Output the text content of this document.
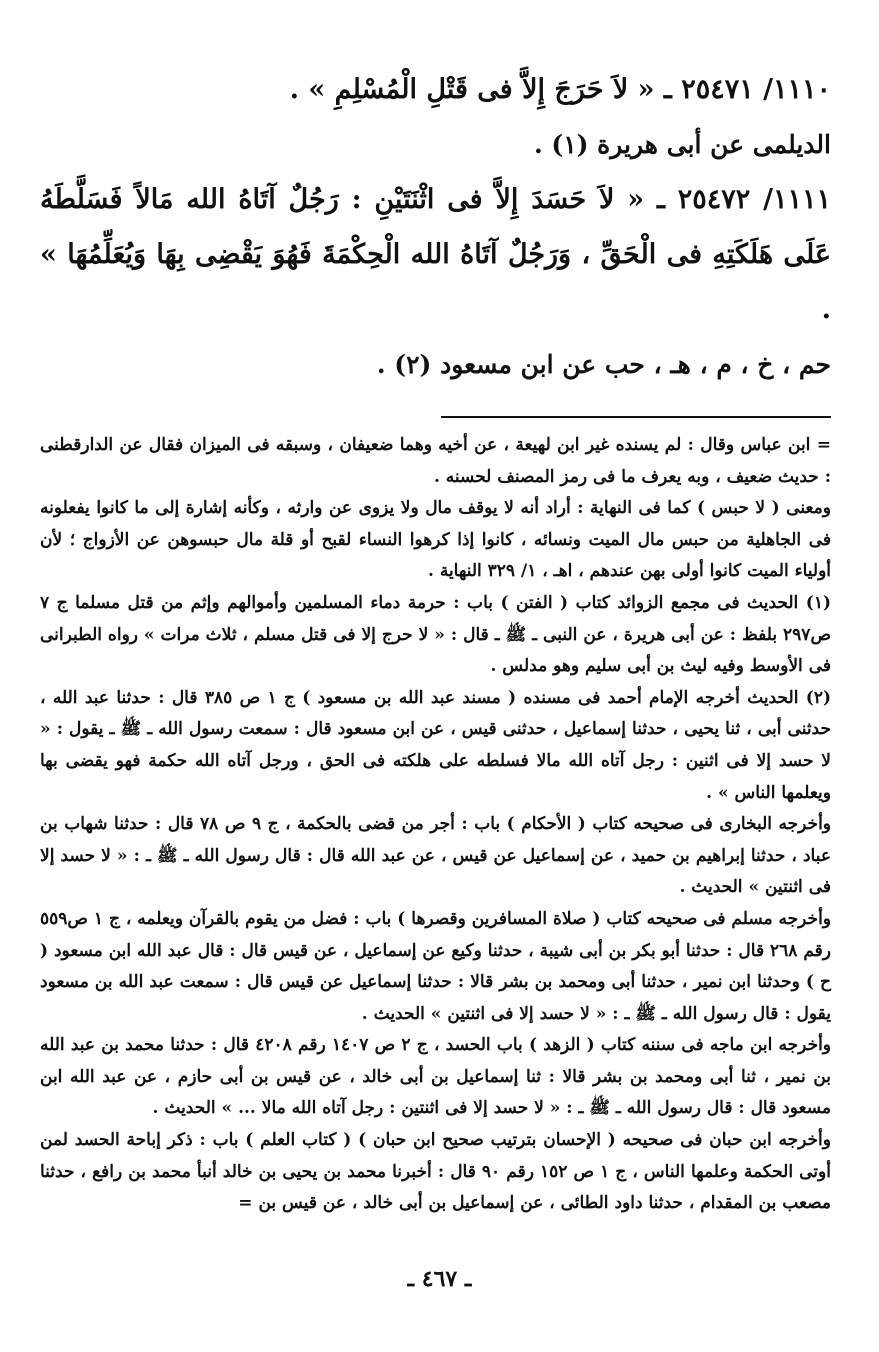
١١١٠/ ٢٥٤٧١ ـ « لاَ حَرَجَ إِلاَّ فى قَتْلِ الْمُسْلِمِ » .

الديلمى عن أبى هريرة (١) .

١١١١/ ٢٥٤٧٢ ـ « لاَ حَسَدَ إِلاَّ فى اثْنَتَيْنِ : رَجُلٌ آتَاهُ الله مَالاً فَسَلَّطَهُ عَلَى هَلَكَتِهِ فى الْحَقِّ ، وَرَجُلٌ آتَاهُ الله الْحِكْمَةَ فَهُوَ يَقْضِى بِهَا وَيُعَلِّمُهَا » .

حم ، خ ، م ، هـ ، حب عن ابن مسعود (٢) .

= ابن عباس وقال : لم يسنده غير ابن لهيعة ، عن أخيه وهما ضعيفان ، وسبقه فى الميزان فقال عن الدارقطنى : حديث ضعيف ، وبه يعرف ما فى رمز المصنف لحسنه .

ومعنى ( لا حبس ) كما فى النهاية : أراد أنه لا يوقف مال ولا يزوى عن وارثه ، وكأنه إشارة إلى ما كانوا يفعلونه فى الجاهلية من حبس مال الميت ونسائه ، كانوا إذا كرهوا النساء لقبح أو قلة مال حبسوهن عن الأزواج ؛ لأن أولياء الميت كانوا أولى بهن عندهم ، اهـ ، ١/ ٣٢٩ النهاية .

(١) الحديث فى مجمع الزوائد كتاب ( الفتن ) باب : حرمة دماء المسلمين وأموالهم وإثم من قتل مسلما ج ٧ ص٢٩٧ بلفظ : عن أبى هريرة ، عن النبى ـ ﷺ ـ قال : « لا حرج إلا فى قتل مسلم ، ثلاث مرات » رواه الطبرانى فى الأوسط وفيه ليث بن أبى سليم وهو مدلس .

(٢) الحديث أخرجه الإمام أحمد فى مسنده ( مسند عبد الله بن مسعود ) ج ١ ص ٣٨٥ قال : حدثنا عبد الله ، حدثنى أبى ، ثنا يحيى ، حدثنا إسماعيل ، حدثنى قيس ، عن ابن مسعود قال : سمعت رسول الله ـ ﷺ ـ يقول : « لا حسد إلا فى اثنين : رجل آتاه الله مالا فسلطه على هلكته فى الحق ، ورجل آتاه الله حكمة فهو يقضى بها ويعلمها الناس » .

وأخرجه البخارى فى صحيحه كتاب ( الأحكام ) باب : أجر من قضى بالحكمة ، ج ٩ ص ٧٨ قال : حدثنا شهاب بن عباد ، حدثنا إبراهيم بن حميد ، عن إسماعيل عن قيس ، عن عبد الله قال : قال رسول الله ـ ﷺ ـ : « لا حسد إلا فى اثنتين » الحديث .

وأخرجه مسلم فى صحيحه كتاب ( صلاة المسافرين وقصرها ) باب : فضل من يقوم بالقرآن ويعلمه ، ج ١ ص٥٥٩ رقم ٢٦٨ قال : حدثنا أبو بكر بن أبى شيبة ، حدثنا وكيع عن إسماعيل ، عن قيس قال : قال عبد الله ابن مسعود ( ح ) وحدثنا ابن نمير ، حدثنا أبى ومحمد بن بشر قالا : حدثنا إسماعيل عن قيس قال : سمعت عبد الله بن مسعود يقول : قال رسول الله ـ ﷺ ـ : « لا حسد إلا فى اثنتين » الحديث .

وأخرجه ابن ماجه فى سننه كتاب ( الزهد ) باب الحسد ، ج ٢ ص ١٤٠٧ رقم ٤٢٠٨ قال : حدثنا محمد بن عبد الله بن نمير ، ثنا أبى ومحمد بن بشر قالا : ثنا إسماعيل بن أبى خالد ، عن قيس بن أبى حازم ، عن عبد الله ابن مسعود قال : قال رسول الله ـ ﷺ ـ : « لا حسد إلا فى اثنتين : رجل آتاه الله مالا ... » الحديث .

وأخرجه ابن حبان فى صحيحه ( الإحسان بترتيب صحيح ابن حبان ) ( كتاب العلم ) باب : ذكر إباحة الحسد لمن أوتى الحكمة وعلمها الناس ، ج ١ ص ١٥٢ رقم ٩٠ قال : أخبرنا محمد بن يحيى بن خالد أنبأ محمد بن رافع ، حدثنا مصعب بن المقدام ، حدثنا داود الطائى ، عن إسماعيل بن أبى خالد ، عن قيس بن =

ـ ٤٦٧ ـ
